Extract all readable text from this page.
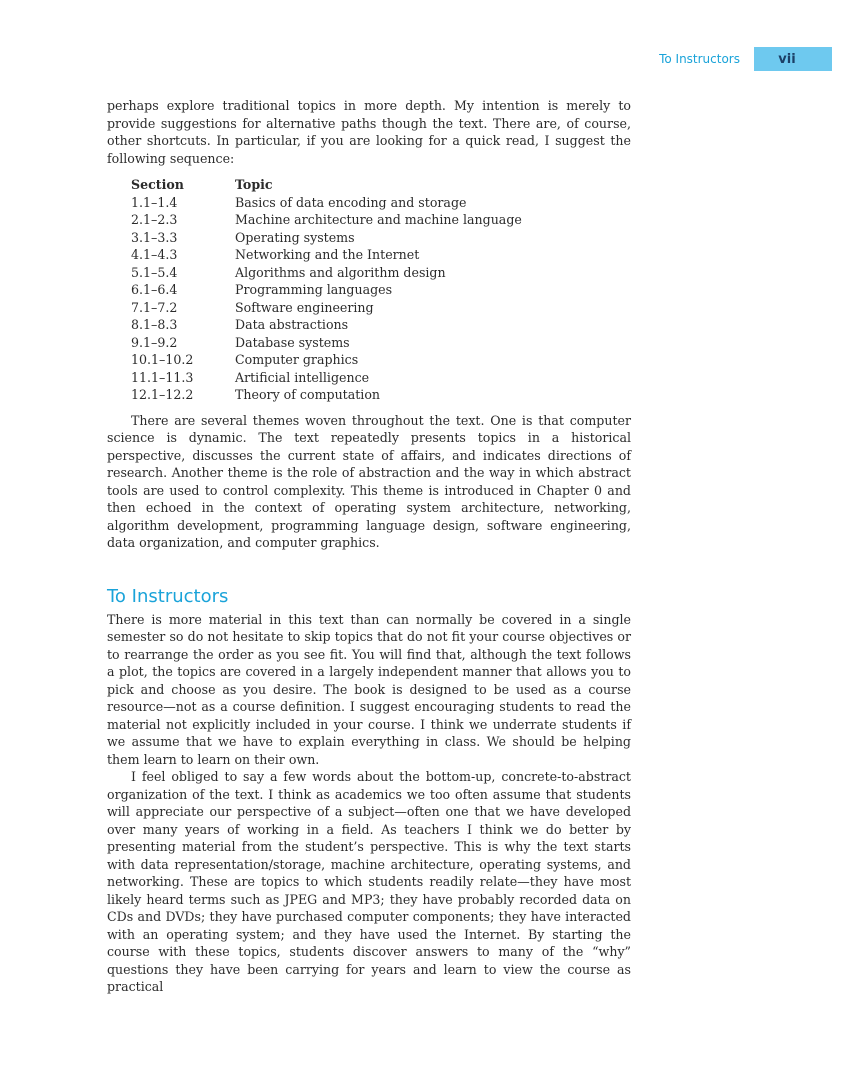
To Instructors	vii

perhaps explore traditional topics in more depth. My intention is merely to provide suggestions for alternative paths though the text. There are, of course, other shortcuts. In particular, if you are looking for a quick read, I suggest the following sequence:

Section	Topic
1.1–1.4	Basics of data encoding and storage
2.1–2.3	Machine architecture and machine language
3.1–3.3	Operating systems
4.1–4.3	Networking and the Internet
5.1–5.4	Algorithms and algorithm design
6.1–6.4	Programming languages
7.1–7.2	Software engineering
8.1–8.3	Data abstractions
9.1–9.2	Database systems
10.1–10.2	Computer graphics
11.1–11.3	Artificial intelligence
12.1–12.2	Theory of computation

There are several themes woven throughout the text. One is that computer science is dynamic. The text repeatedly presents topics in a historical perspective, discusses the current state of affairs, and indicates directions of research. Another theme is the role of abstraction and the way in which abstract tools are used to control complexity. This theme is introduced in Chapter 0 and then echoed in the context of operating system architecture, networking, algorithm development, programming language design, software engineering, data organization, and computer graphics.

To Instructors

There is more material in this text than can normally be covered in a single semester so do not hesitate to skip topics that do not fit your course objectives or to rearrange the order as you see fit. You will find that, although the text follows a plot, the topics are covered in a largely independent manner that allows you to pick and choose as you desire. The book is designed to be used as a course resource—not as a course definition. I suggest encouraging students to read the material not explicitly included in your course. I think we underrate students if we assume that we have to explain everything in class. We should be helping them learn to learn on their own.

I feel obliged to say a few words about the bottom-up, concrete-to-abstract organization of the text. I think as academics we too often assume that students will appreciate our perspective of a subject—often one that we have developed over many years of working in a field. As teachers I think we do better by presenting material from the student’s perspective. This is why the text starts with data representation/storage, machine architecture, operating systems, and networking. These are topics to which students readily relate—they have most likely heard terms such as JPEG and MP3; they have probably recorded data on CDs and DVDs; they have purchased computer components; they have interacted with an operating system; and they have used the Internet. By starting the course with these topics, students discover answers to many of the “why” questions they have been carrying for years and learn to view the course as practical
